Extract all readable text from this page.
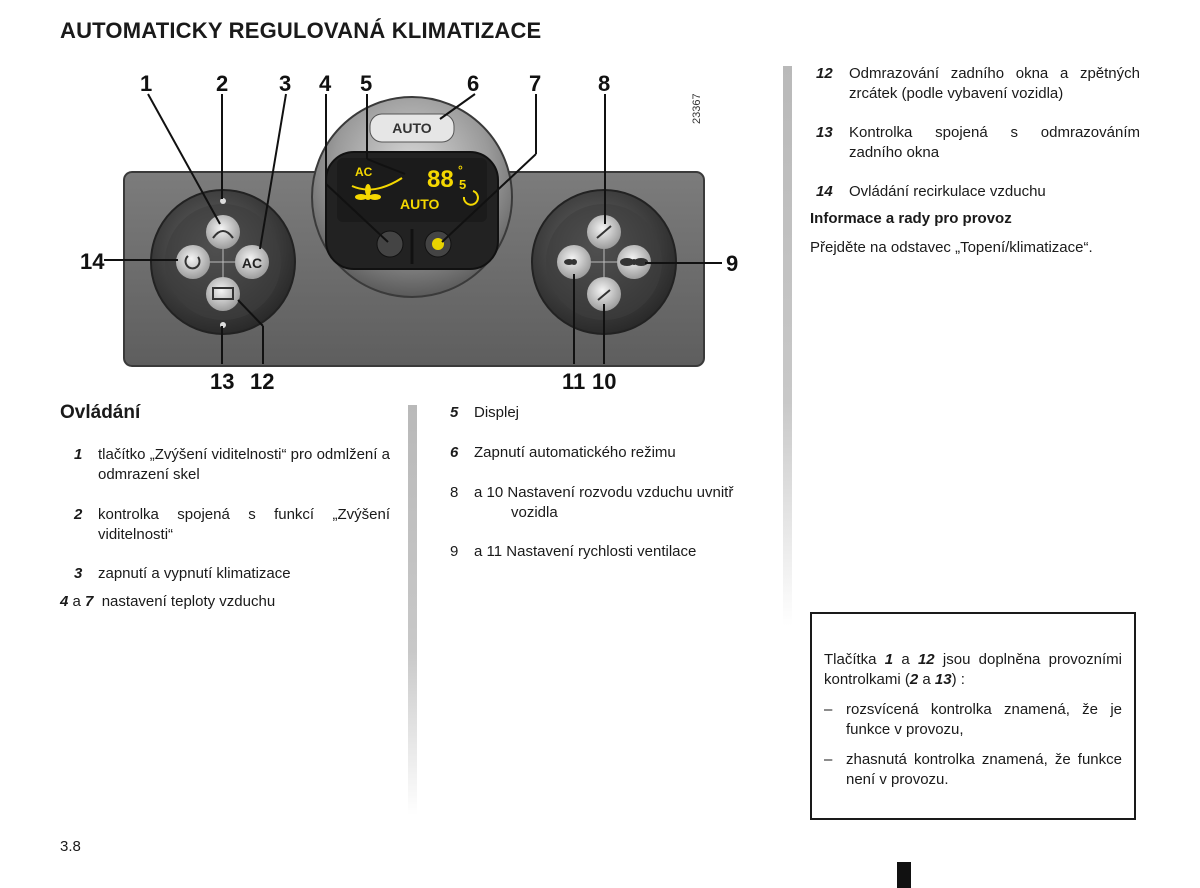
AUTOMATICKY REGULOVANÁ KLIMATIZACE
AC
AUTO
AC 88 °
5
AUTO
23367
1	2 3 4 5	6 7	8
9
10
11
12
13
14
Ovládání
1	tlačítko „Zvýšení viditelnosti“ pro odmlžení a odmrazení skel
2	kontrolka spojená s funkcí „Zvýšení viditelnosti“
3	zapnutí a vypnutí klimatizace
4 a 7 nastavení teploty vzduchu
5	Displej
6	Zapnutí automatického režimu
8 a 10 Nastavení rozvodu vzduchu uvnitř
vozidla
9 a 11 Nastavení rychlosti ventilace
12	Odmrazování zadního okna a zpětných zrcátek (podle vybavení vozidla)
13	Kontrolka spojená s odmrazováním zadního okna
14	Ovládání recirkulace vzduchu
Informace a rady pro provoz
Přejděte na odstavec „Topení/klimatizace“.
Tlačítka 1 a 12 jsou doplněna provozními kontrolkami (2 a 13) :
– rozsvícená kontrolka znamená, že je funkce v provozu,
– zhasnutá kontrolka znamená, že funkce není v provozu.
3.8
